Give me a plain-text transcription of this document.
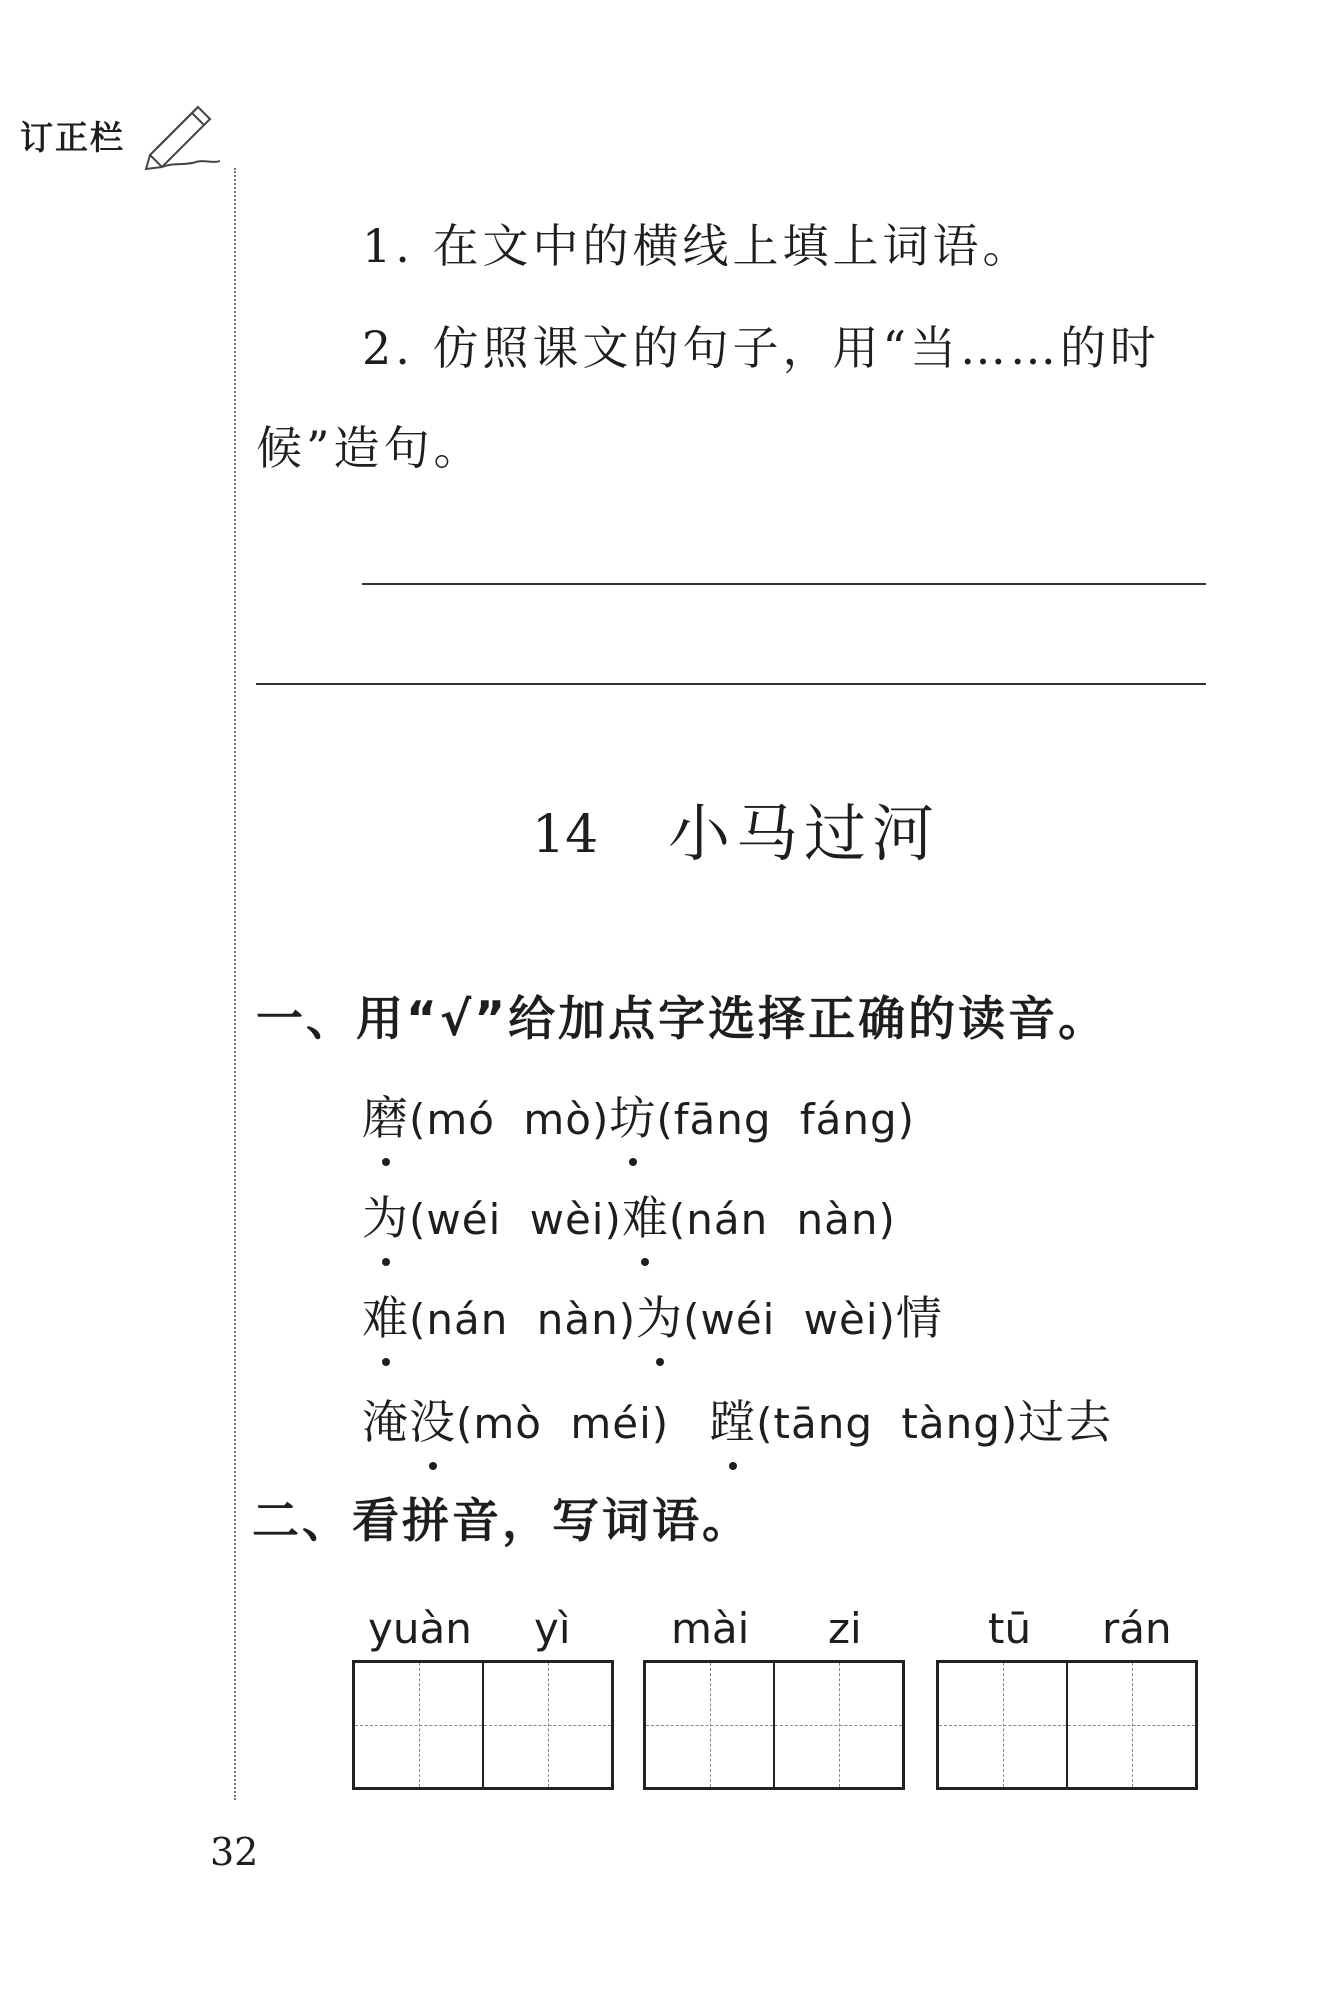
订正栏
1. 在文中的横线上填上词语。
2. 仿照课文的句子，用“当……的时
候”造句。
14 小马过河
一、用“√”给加点字选择正确的读音。
磨(mó mò)坊(fāng fáng)
为(wéi wèi)难(nán nàn)
难(nán nàn)为(wéi wèi)情
淹没(mò méi) 蹚(tāng tàng)过去
二、看拼音，写词语。
yuàn yì mài zi	tū rán
32
